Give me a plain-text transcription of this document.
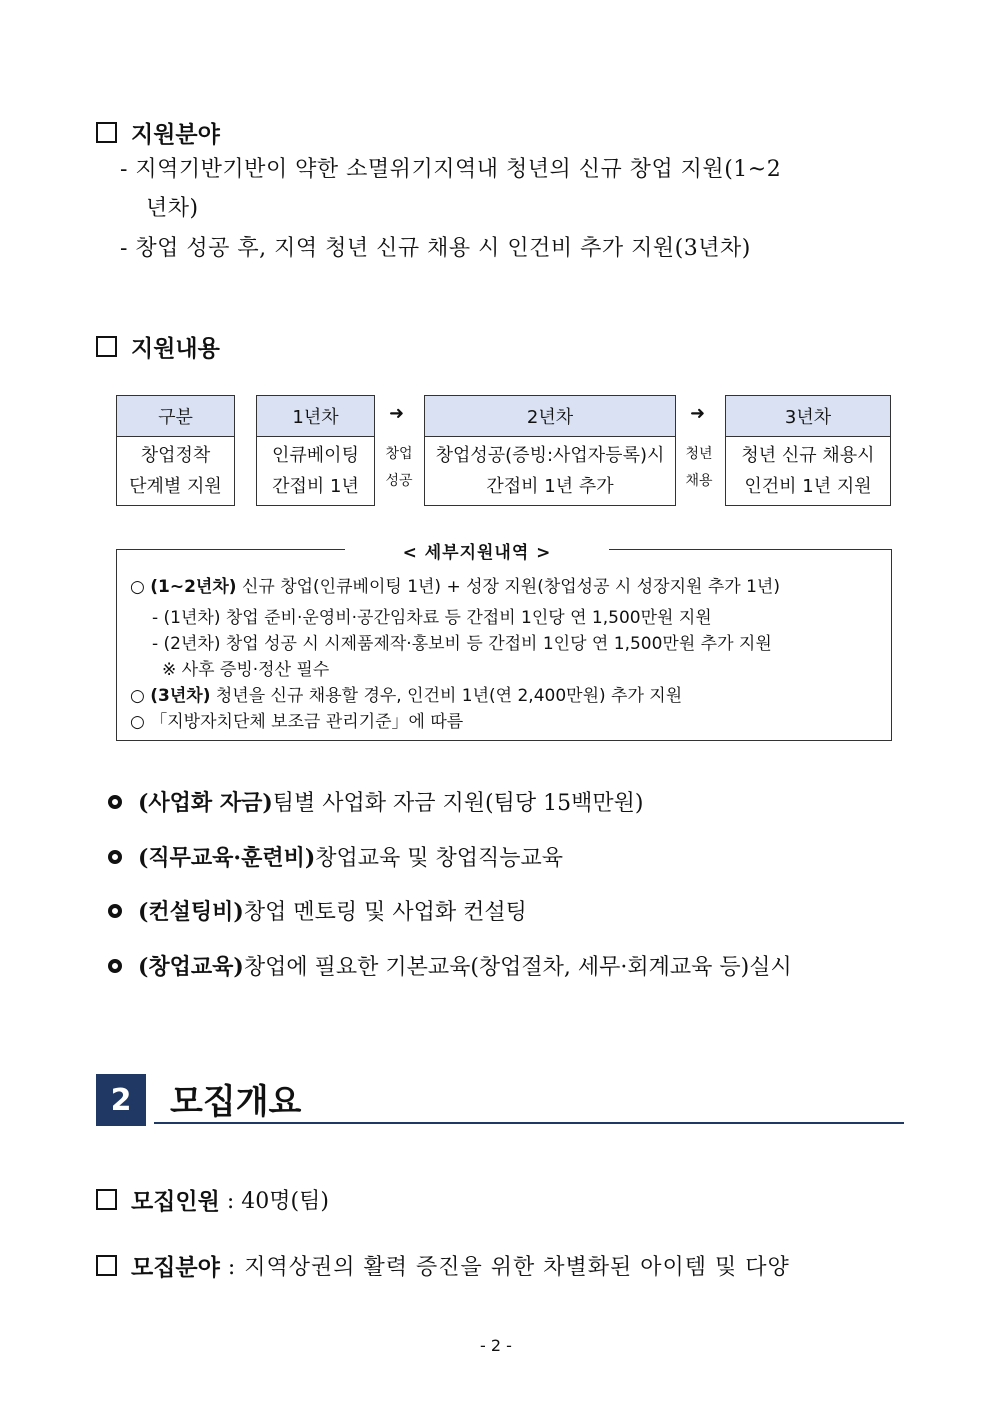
지원분야
- 지역기반기반이 약한 소멸위기지역내 청년의 신규 창업 지원(1~2
년차)
- 창업 성공 후, 지역 청년 신규 채용 시 인건비 추가 지원(3년차)
지원내용
구분
창업정착
단계별 지원
1년차
인큐베이팅
간접비 1년
➜
창업
성공
2년차
창업성공(증빙:사업자등록)시
간접비 1년 추가
➜
청년
채용
3년차
청년 신규 채용시
인건비 1년 지원
< 세부지원내역 >
○ (1~2년차) 신규 창업(인큐베이팅 1년) + 성장 지원(창업성공 시 성장지원 추가 1년)
- (1년차) 창업 준비·운영비·공간임차료 등 간접비 1인당 연 1,500만원 지원
- (2년차) 창업 성공 시 시제품제작·홍보비 등 간접비 1인당 연 1,500만원 추가 지원
※ 사후 증빙·정산 필수
○ (3년차) 청년을 신규 채용할 경우, 인건비 1년(연 2,400만원) 추가 지원
○ 「지방자치단체 보조금 관리기준」에 따름
(사업화 자금) 팀별 사업화 자금 지원(팀당 15백만원)
(직무교육·훈련비) 창업교육 및 창업직능교육
(컨설팅비) 창업 멘토링 및 사업화 컨설팅
(창업교육) 창업에 필요한 기본교육(창업절차, 세무·회계교육 등)실시
2	모집개요
모집인원 : 40명(팀)
모집분야 : 지역상권의 활력 증진을 위한 차별화된 아이템 및 다양
- 2 -
